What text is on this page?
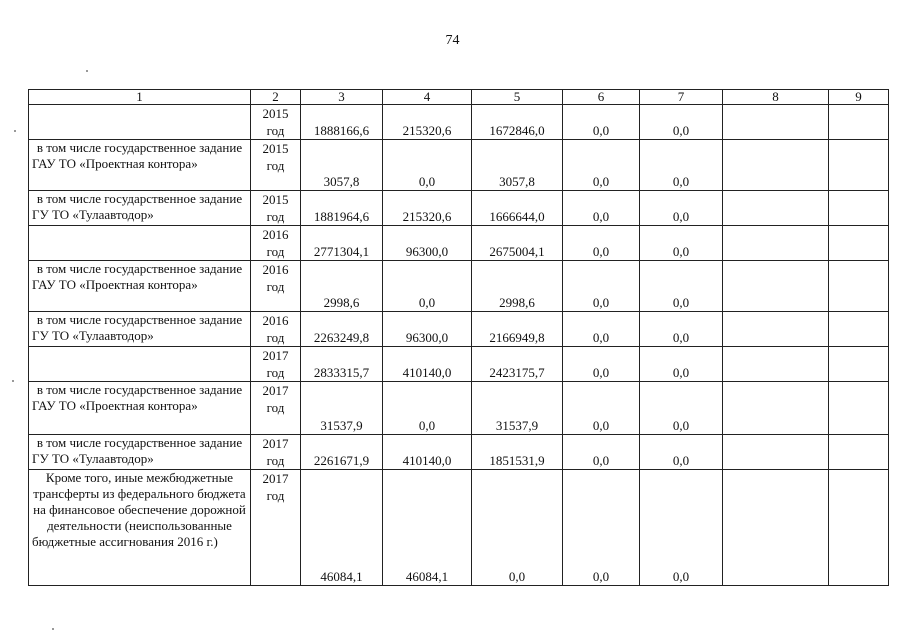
74
1	2	3	4	5	6	7	8	9
	2015 год	1888166,6	215320,6	1672846,0	0,0	0,0		
в том числе государственное задание ГАУ ТО «Проектная контора»	2015 год	3057,8	0,0	3057,8	0,0	0,0		
в том числе государственное задание ГУ ТО «Тулаавтодор»	2015 год	1881964,6	215320,6	1666644,0	0,0	0,0		
	2016 год	2771304,1	96300,0	2675004,1	0,0	0,0		
в том числе государственное задание ГАУ ТО «Проектная контора»	2016 год	2998,6	0,0	2998,6	0,0	0,0		
в том числе государственное задание ГУ ТО «Тулаавтодор»	2016 год	2263249,8	96300,0	2166949,8	0,0	0,0		
	2017 год	2833315,7	410140,0	2423175,7	0,0	0,0		
в том числе государственное задание ГАУ ТО «Проектная контора»	2017 год	31537,9	0,0	31537,9	0,0	0,0		
в том числе государственное задание ГУ ТО «Тулаавтодор»	2017 год	2261671,9	410140,0	1851531,9	0,0	0,0		
Кроме того, иные межбюджетные трансферты из федерального бюджета на финансовое обеспечение дорожной деятельности (неиспользованные бюджетные ассигнования 2016 г.)	2017 год	46084,1	46084,1	0,0	0,0	0,0		
